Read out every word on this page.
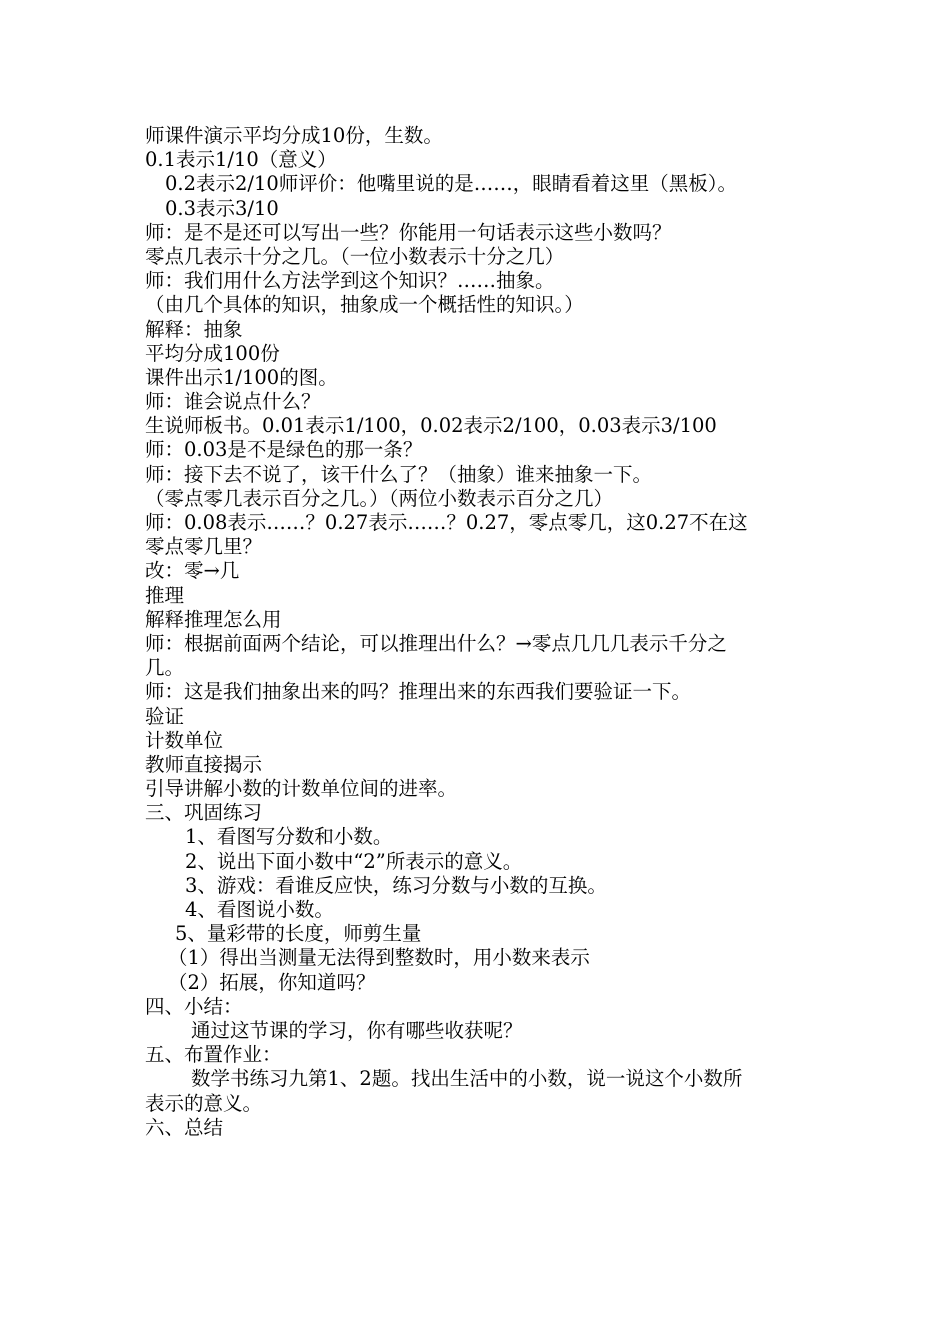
师课件演示平均分成10份，生数。
0.1表示1/10（意义）
0.2表示2/10师评价：他嘴里说的是……，眼睛看着这里（黑板）。
0.3表示3/10
师：是不是还可以写出一些？你能用一句话表示这些小数吗？
零点几表示十分之几。（一位小数表示十分之几）
师：我们用什么方法学到这个知识？……抽象。
（由几个具体的知识，抽象成一个概括性的知识。）
解释：抽象
平均分成100份
课件出示1/100的图。
师：谁会说点什么？
生说师板书。0.01表示1/100，0.02表示2/100，0.03表示3/100
师：0.03是不是绿色的那一条？
师：接下去不说了，该干什么了？（抽象）谁来抽象一下。
（零点零几表示百分之几。）（两位小数表示百分之几）
师：0.08表示……？0.27表示……？0.27，零点零几，这0.27不在这
零点零几里？
改：零→几
推理
解释推理怎么用
师：根据前面两个结论，可以推理出什么？→零点几几几表示千分之
几。
师：这是我们抽象出来的吗？推理出来的东西我们要验证一下。
验证
计数单位
教师直接揭示
引导讲解小数的计数单位间的进率。
三、巩固练习
1、看图写分数和小数。
2、说出下面小数中“2”所表示的意义。
3、游戏：看谁反应快，练习分数与小数的互换。
4、看图说小数。
5、量彩带的长度，师剪生量
（1）得出当测量无法得到整数时，用小数来表示
（2）拓展，你知道吗？
四、小结：
通过这节课的学习，你有哪些收获呢？
五、布置作业：
数学书练习九第1、2题。找出生活中的小数，说一说这个小数所
表示的意义。
六、总结
